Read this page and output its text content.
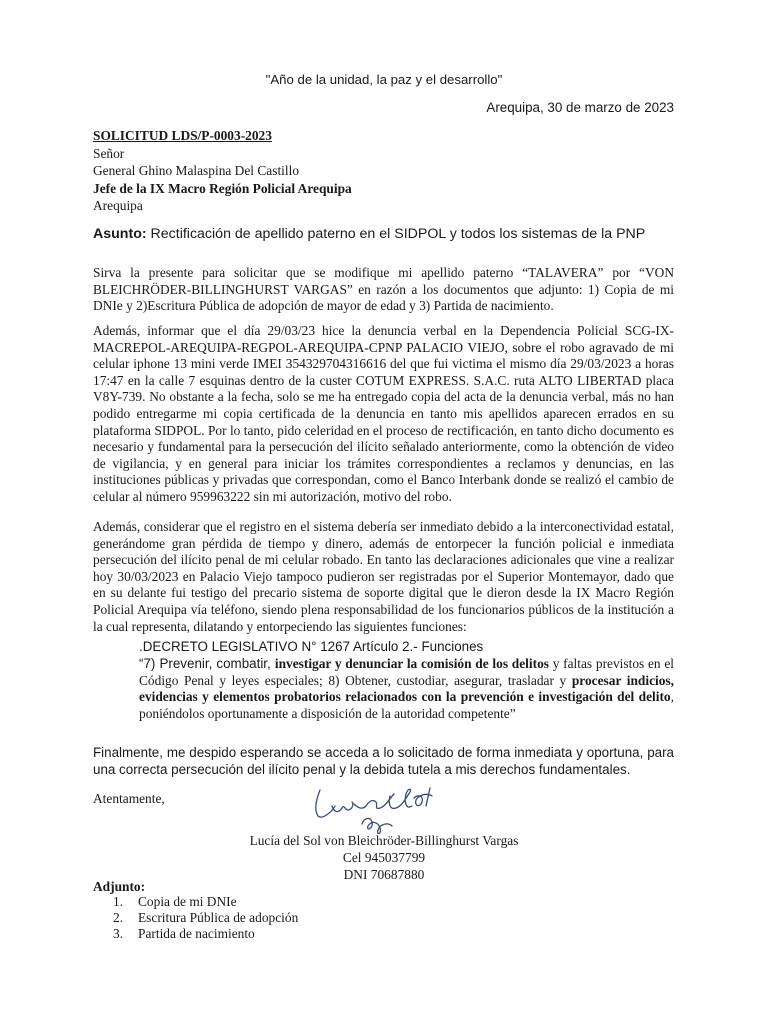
"Año de la unidad, la paz y el desarrollo"

Arequipa, 30 de marzo de 2023

SOLICITUD LDS/P-0003-2023
Señor
General Ghino Malaspina Del Castillo
Jefe de la IX Macro Región Policial Arequipa
Arequipa

Asunto: Rectificación de apellido paterno en el SIDPOL y todos los sistemas de la PNP

Sirva la presente para solicitar que se modifique mi apellido paterno “TALAVERA” por “VON BLEICHRÖDER-BILLINGHURST VARGAS” en razón a los documentos que adjunto: 1) Copia de mi DNIe y 2)Escritura Pública de adopción de mayor de edad y 3) Partida de nacimiento.

Además, informar que el día 29/03/23 hice la denuncia verbal en la Dependencia Policial SCG-IX-MACREPOL-AREQUIPA-REGPOL-AREQUIPA-CPNP PALACIO VIEJO, sobre el robo agravado de mi celular iphone 13 mini verde IMEI 354329704316616 del que fui victima el mismo día 29/03/2023 a horas 17:47 en la calle 7 esquinas dentro de la custer COTUM EXPRESS. S.A.C. ruta ALTO LIBERTAD placa V8Y-739. No obstante a la fecha, solo se me ha entregado copia del acta de la denuncia verbal, más no han podido entregarme mi copia certificada de la denuncia en tanto mis apellidos aparecen errados en su plataforma SIDPOL. Por lo tanto, pido celeridad en el proceso de rectificación, en tanto dicho documento es necesario y fundamental para la persecución del ilícito señalado anteriormente, como la obtención de video de vigilancia, y en general para iniciar los trámites correspondientes a reclamos y denuncias, en las instituciones públicas y privadas que correspondan, como el Banco Interbank donde se realizó el cambio de celular al número 959963222 sin mi autorización, motivo del robo.

Además, considerar que el registro en el sistema debería ser inmediato debido a la interconectividad estatal, generándome gran pérdida de tiempo y dinero, además de entorpecer la función policial e inmediata persecución del ilícito penal de mi celular robado. En tanto las declaraciones adicionales que vine a realizar hoy 30/03/2023 en Palacio Viejo tampoco pudieron ser registradas por el Superior Montemayor, dado que en su delante fui testigo del precario sistema de soporte digital que le dieron desde la IX Macro Región Policial Arequipa vía teléfono, siendo plena responsabilidad de los funcionarios públicos de la institución a la cual representa, dilatando y entorpeciendo las siguientes funciones:

.DECRETO LEGISLATIVO N° 1267 Artículo 2.- Funciones

“7) Prevenir, combatir, investigar y denunciar la comisión de los delitos y faltas previstos en el Código Penal y leyes especiales; 8) Obtener, custodiar, asegurar, trasladar y procesar indicios, evidencias y elementos probatorios relacionados con la prevención e investigación del delito, poniéndolos oportunamente a disposición de la autoridad competente”

Finalmente, me despido esperando se acceda a lo solicitado de forma inmediata y oportuna, para una correcta persecución del ilícito penal y la debida tutela a mis derechos fundamentales.

Atentamente,

Lucía del Sol von Bleichröder-Billinghurst Vargas
Cel 945037799
DNI 70687880

Adjunto:

1. Copia de mi DNIe
2. Escritura Pública de adopción
3. Partida de nacimiento
